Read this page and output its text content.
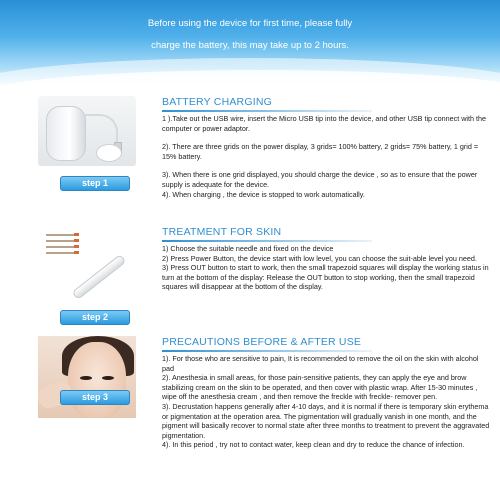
Before using the device for first time, please fully
charge the battery, this may take up to 2 hours.
step 1
BATTERY CHARGING

1 ).Take out the USB wire, insert the Micro USB tip into the device, and other USB tip connect with the computer or power adaptor.

2). There are three grids on the power display, 3 grids= 100% battery, 2 grids= 75% battery, 1 grid = 15% battery.

3). When there is one grid displayed, you should charge the device , so as to ensure that the power supply is adequate for the device.

4). When charging , the device is stopped to work automatically.

step 2
TREATMENT FOR SKIN

1) Choose the suitable needle and fixed on the device

2) Press Power Button, the device start with low level, you can choose the suit-able level you need.

3) Press OUT button to start to work, then the small trapezoid squares will display the working status in turn at the bottom of the display: Release the OUT button to stop working, then the small trapezoid squares will disappear at the bottom of the display.

step 3
PRECAUTIONS BEFORE & AFTER USE

1). For those who are sensitive to pain, It is recommended to remove the oil on the skin with alcohol pad

2). Anesthesia in small areas, for those pain-sensitive patients, they can apply the eye and brow stabilizing cream on the skin to be operated, and then cover with plastic wrap. After 15-30 minutes , wipe off the anesthesia cream , and then remove the freckle with freckle- remover pen.

3). Decrustation happens generally after 4-10 days, and it is normal if there is temporary skin erythema or pigmentation at the operation area. The pigmentation will gradually vanish in one month, and the pigment will basically recover to normal state after three months to treatment to prevent the aggravated pigmentation.

4). In this period , try not to contact water, keep clean and dry to reduce the chance of infection.
